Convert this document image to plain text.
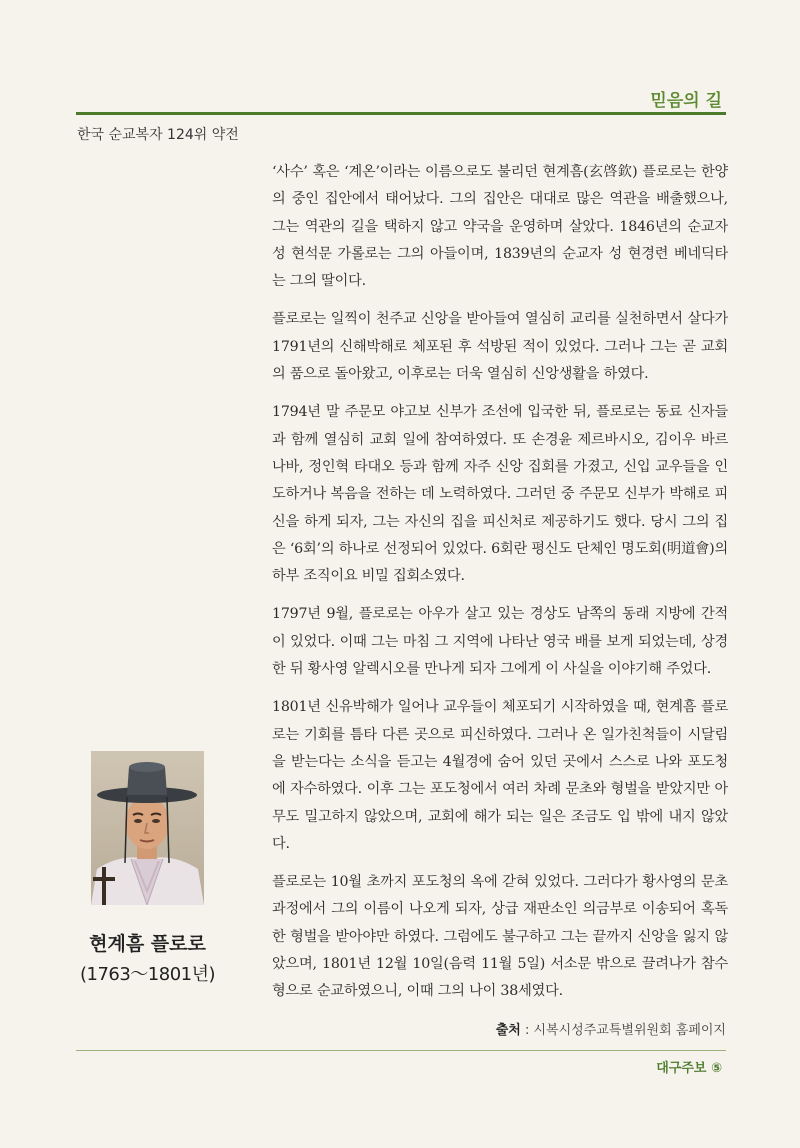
믿음의 길
한국 순교복자 124위 약전

‘사수’ 혹은 ‘계온’이라는 이름으로도 불리던 현계흠(玄啓欽) 플로로는 한양의 중인 집안에서 태어났다. 그의 집안은 대대로 많은 역관을 배출했으나, 그는 역관의 길을 택하지 않고 약국을 운영하며 살았다. 1846년의 순교자 성 현석문 가롤로는 그의 아들이며, 1839년의 순교자 성 현경련 베네딕타는 그의 딸이다.

플로로는 일찍이 천주교 신앙을 받아들여 열심히 교리를 실천하면서 살다가 1791년의 신해박해로 체포된 후 석방된 적이 있었다. 그러나 그는 곧 교회의 품으로 돌아왔고, 이후로는 더욱 열심히 신앙생활을 하였다.

1794년 말 주문모 야고보 신부가 조선에 입국한 뒤, 플로로는 동료 신자들과 함께 열심히 교회 일에 참여하였다. 또 손경윤 제르바시오, 김이우 바르나바, 정인혁 타대오 등과 함께 자주 신앙 집회를 가졌고, 신입 교우들을 인도하거나 복음을 전하는 데 노력하였다. 그러던 중 주문모 신부가 박해로 피신을 하게 되자, 그는 자신의 집을 피신처로 제공하기도 했다. 당시 그의 집은 ‘6회’의 하나로 선정되어 있었다. 6회란 평신도 단체인 명도회(明道會)의 하부 조직이요 비밀 집회소였다.

1797년 9월, 플로로는 아우가 살고 있는 경상도 남쪽의 동래 지방에 간적이 있었다. 이때 그는 마침 그 지역에 나타난 영국 배를 보게 되었는데, 상경한 뒤 황사영 알렉시오를 만나게 되자 그에게 이 사실을 이야기해 주었다.

1801년 신유박해가 일어나 교우들이 체포되기 시작하였을 때, 현계흠 플로로는 기회를 틈타 다른 곳으로 피신하였다. 그러나 온 일가친척들이 시달림을 받는다는 소식을 듣고는 4월경에 숨어 있던 곳에서 스스로 나와 포도청에 자수하였다. 이후 그는 포도청에서 여러 차례 문초와 형벌을 받았지만 아무도 밀고하지 않았으며, 교회에 해가 되는 일은 조금도 입 밖에 내지 않았다.

플로로는 10월 초까지 포도청의 옥에 갇혀 있었다. 그러다가 황사영의 문초 과정에서 그의 이름이 나오게 되자, 상급 재판소인 의금부로 이송되어 혹독한 형벌을 받아야만 하였다. 그럼에도 불구하고 그는 끝까지 신앙을 잃지 않았으며, 1801년 12월 10일(음력 11월 5일) 서소문 밖으로 끌려나가 참수형으로 순교하였으니, 이때 그의 나이 38세였다.

현계흠 플로로
(1763～1801년)
출처 : 시복시성주교특별위원회 홈페이지
대구주보 ⑤
